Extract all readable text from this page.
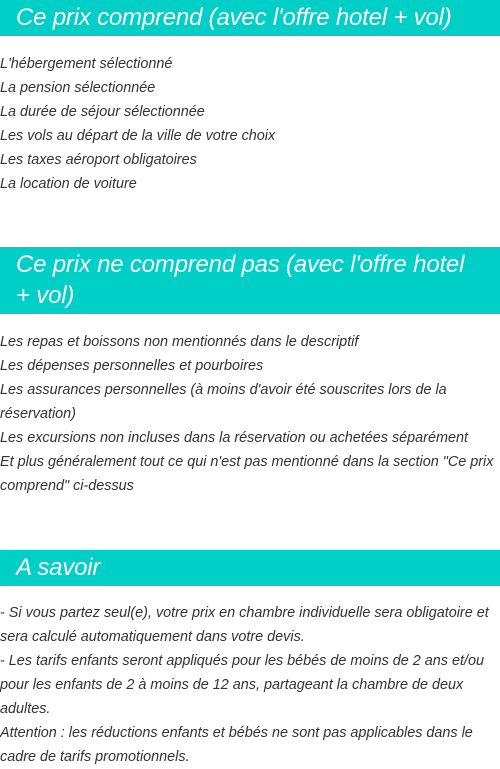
Ce prix comprend (avec l'offre hotel + vol)
L'hébergement sélectionné
La pension sélectionnée
La durée de séjour sélectionnée
Les vols au départ de la ville de votre choix
Les taxes aéroport obligatoires
La location de voiture
Ce prix ne comprend pas (avec l'offre hotel + vol)
Les repas et boissons non mentionnés dans le descriptif
Les dépenses personnelles et pourboires
Les assurances personnelles (à moins d'avoir été souscrites lors de la réservation)
Les excursions non incluses dans la réservation ou achetées séparément
Et plus généralement tout ce qui n'est pas mentionné dans la section "Ce prix comprend" ci-dessus
A savoir
- Si vous partez seul(e), votre prix en chambre individuelle sera obligatoire et sera calculé automatiquement dans votre devis.
- Les tarifs enfants seront appliqués pour les bébés de moins de 2 ans et/ou pour les enfants de 2 à moins de 12 ans, partageant la chambre de deux adultes.
Attention : les réductions enfants et bébés ne sont pas applicables dans le cadre de tarifs promotionnels.
